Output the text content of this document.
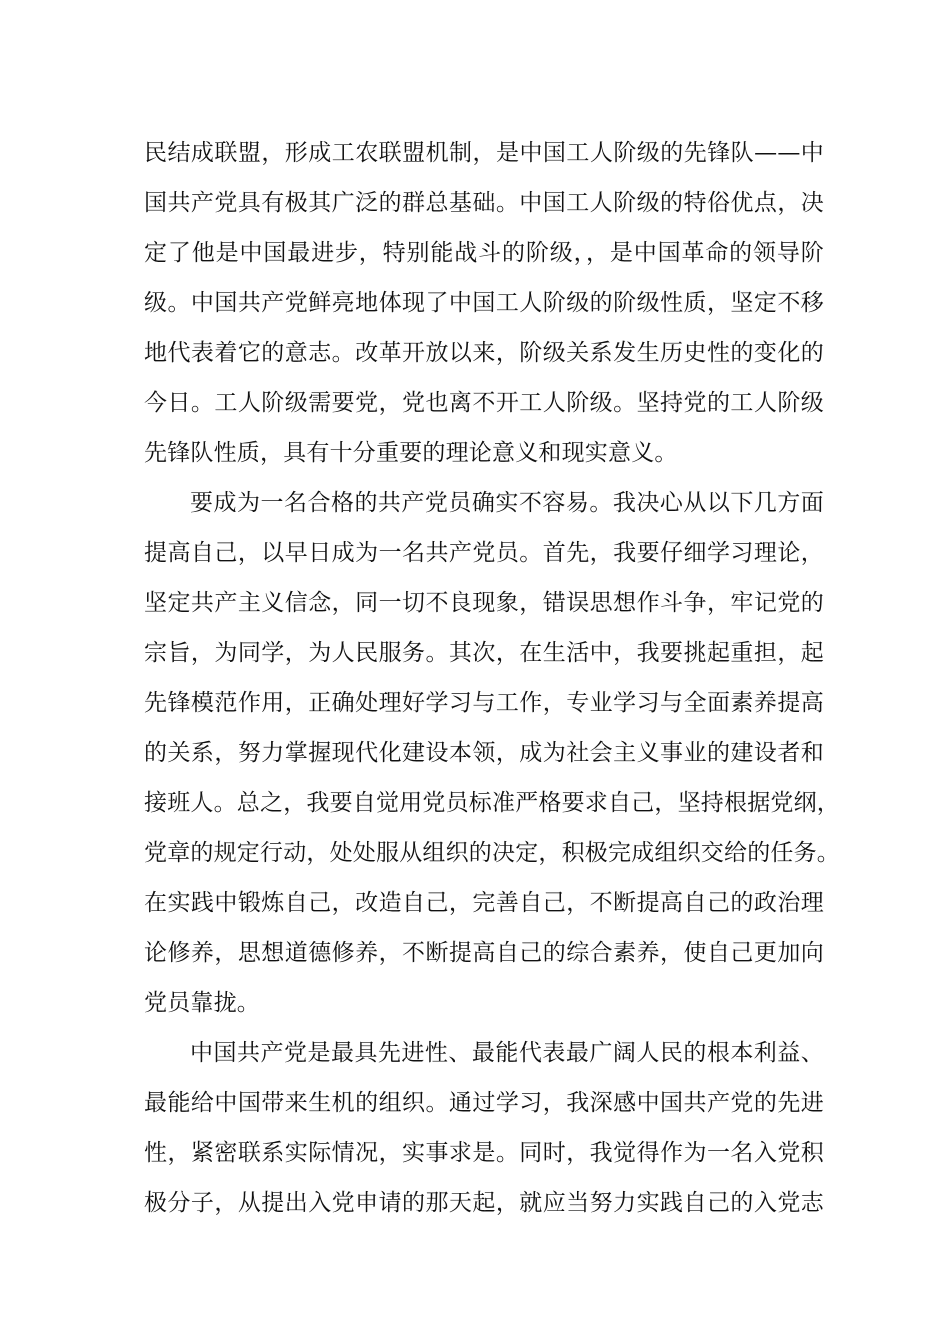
民结成联盟，形成工农联盟机制，是中国工人阶级的先锋队——中
国共产党具有极其广泛的群总基础。中国工人阶级的特俗优点，决
定了他是中国最进步，特别能战斗的阶级，，是中国革命的领导阶
级。中国共产党鲜亮地体现了中国工人阶级的阶级性质，坚定不移
地代表着它的意志。改革开放以来，阶级关系发生历史性的变化的
今日。工人阶级需要党，党也离不开工人阶级。坚持党的工人阶级
先锋队性质，具有十分重要的理论意义和现实意义。
要成为一名合格的共产党员确实不容易。我决心从以下几方面
提高自己，以早日成为一名共产党员。首先，我要仔细学习理论，
坚定共产主义信念，同一切不良现象，错误思想作斗争，牢记党的
宗旨，为同学，为人民服务。其次，在生活中，我要挑起重担，起
先锋模范作用，正确处理好学习与工作，专业学习与全面素养提高
的关系，努力掌握现代化建设本领，成为社会主义事业的建设者和
接班人。总之，我要自觉用党员标准严格要求自己，坚持根据党纲，
党章的规定行动，处处服从组织的决定，积极完成组织交给的任务。
在实践中锻炼自己，改造自己，完善自己，不断提高自己的政治理
论修养，思想道德修养，不断提高自己的综合素养，使自己更加向
党员靠拢。
中国共产党是最具先进性、最能代表最广阔人民的根本利益、
最能给中国带来生机的组织。通过学习，我深感中国共产党的先进
性，紧密联系实际情况，实事求是。同时，我觉得作为一名入党积
极分子，从提出入党申请的那天起，就应当努力实践自己的入党志
